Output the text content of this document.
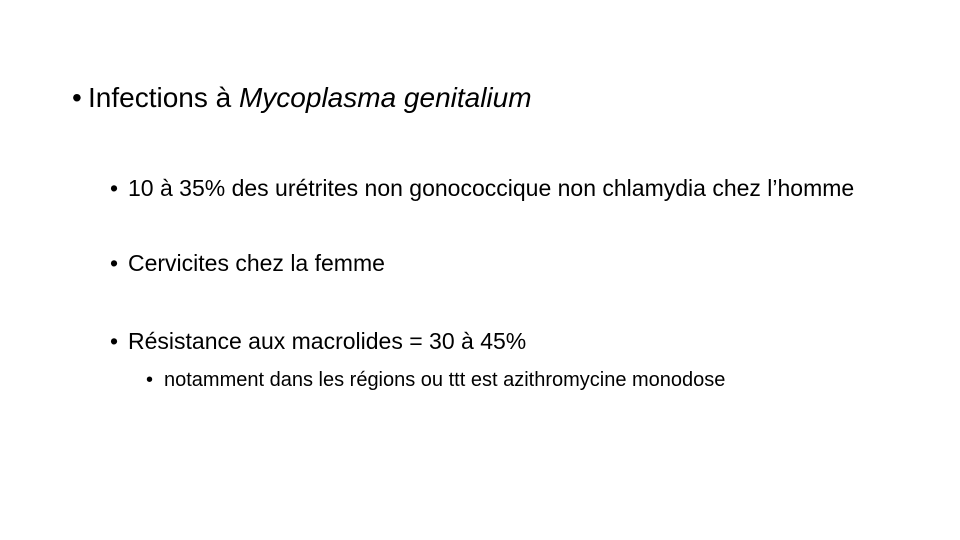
• Infections à Mycoplasma genitalium
• 10 à 35% des urétrites non gonococcique non chlamydia chez l’homme
• Cervicites chez la femme
• Résistance aux macrolides = 30 à 45%
• notamment dans les régions ou ttt est azithromycine monodose
